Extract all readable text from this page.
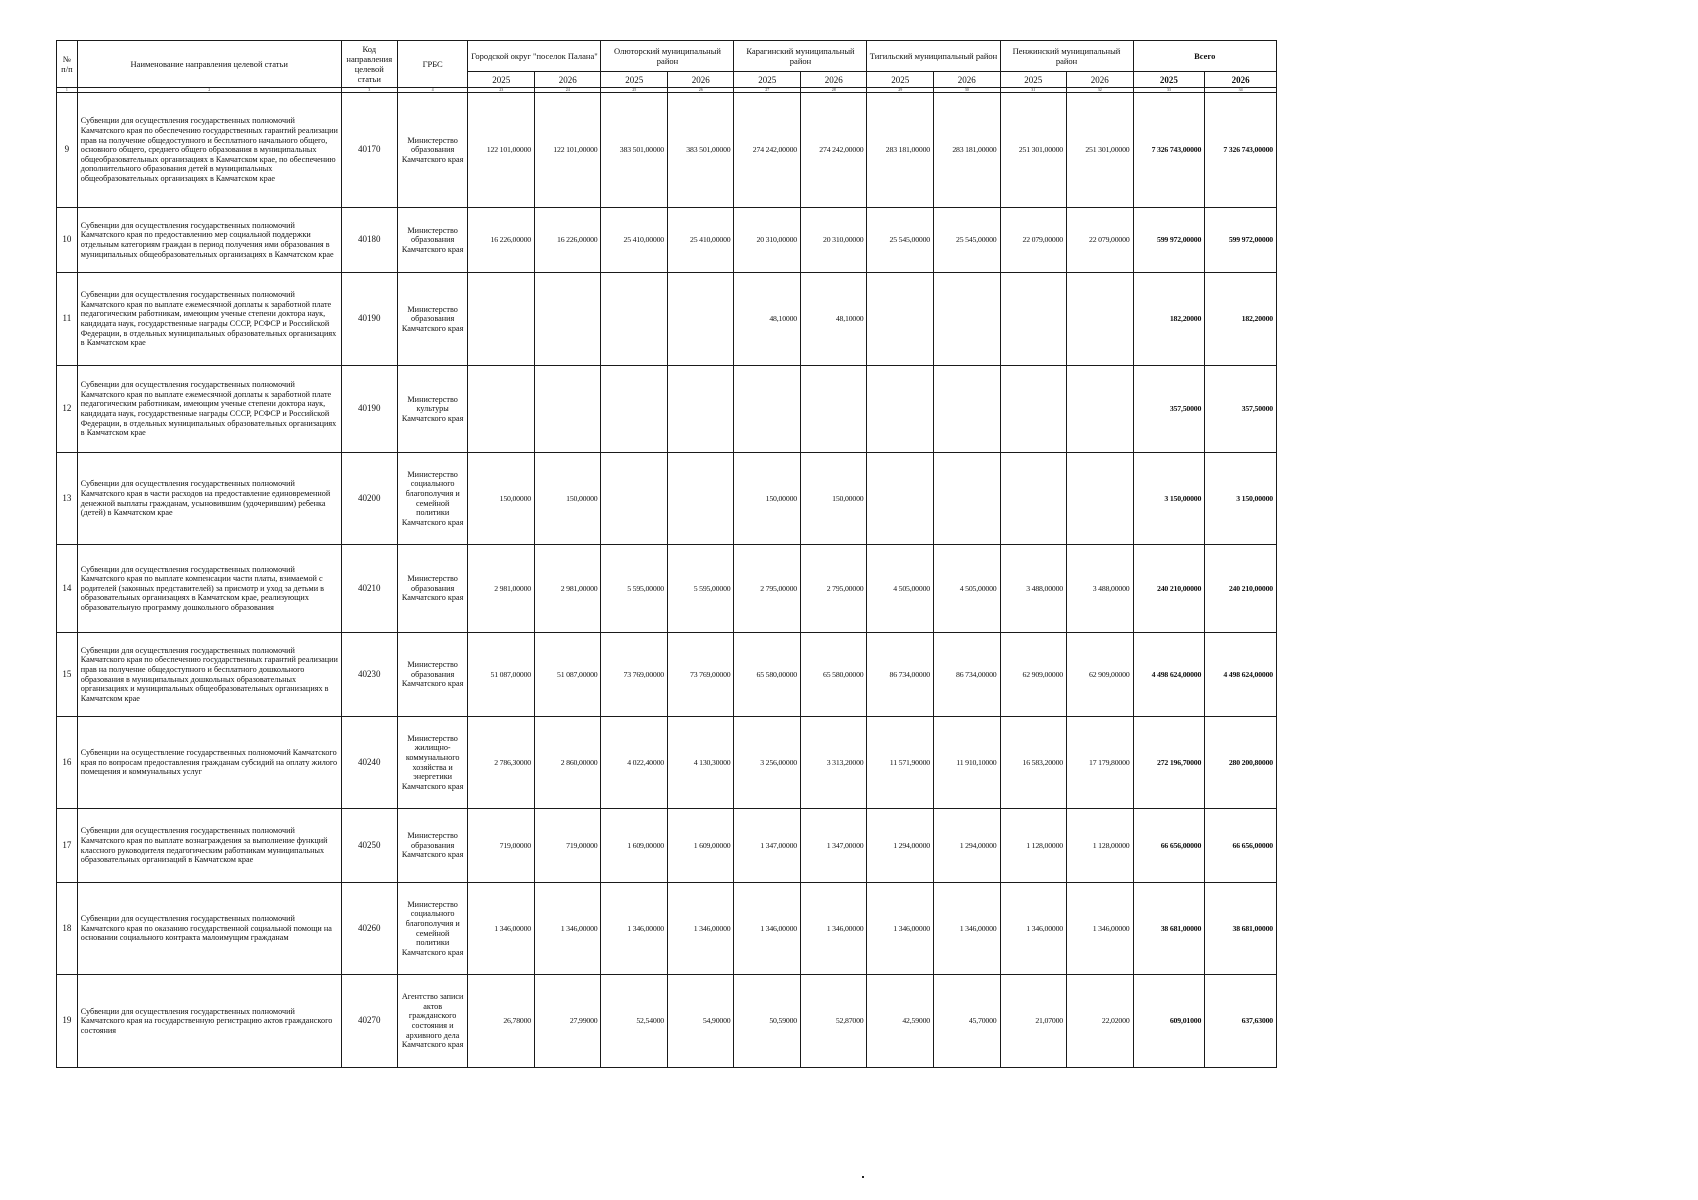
№ п/п	Наименование направления целевой статьи	Код направления целевой статьи	ГРБС	Городской округ "поселок Палана"		Олюторский муниципальный район		Карагинский муниципальный район		Тигильский муниципальный район		Пенжинский муниципальный район		Всего	
				2025	2026	2025	2026	2025	2026	2025	2026	2025	2026	2025	2026
1	2	3	4	23	24	25	26	27	28	29	30	31	32	33	34
9	Субвенции для осуществления государственных полномочий Камчатского края по обеспечению государственных гарантий реализации прав на получение общедоступного и бесплатного начального общего, основного общего, среднего общего образования в муниципальных общеобразовательных организациях в Камчатском крае, по обеспечению дополнительного образования детей в муниципальных общеобразовательных организациях в Камчатском крае	40170	Министерство образования Камчатского края	122 101,00000	122 101,00000	383 501,00000	383 501,00000	274 242,00000	274 242,00000	283 181,00000	283 181,00000	251 301,00000	251 301,00000	7 326 743,00000	7 326 743,00000
10	Субвенции для осуществления государственных полномочий Камчатского края по предоставлению мер социальной поддержки отдельным категориям граждан в период получения ими образования в муниципальных общеобразовательных организациях в Камчатском крае	40180	Министерство образования Камчатского края	16 226,00000	16 226,00000	25 410,00000	25 410,00000	20 310,00000	20 310,00000	25 545,00000	25 545,00000	22 079,00000	22 079,00000	599 972,00000	599 972,00000
11	Субвенции для осуществления государственных полномочий Камчатского края по выплате ежемесячной доплаты к заработной плате педагогическим работникам, имеющим ученые степени доктора наук, кандидата наук, государственные награды СССР, РСФСР и Российской Федерации, в отдельных муниципальных образовательных организациях в Камчатском крае	40190	Министерство образования Камчатского края					48,10000	48,10000					182,20000	182,20000
12	Субвенции для осуществления государственных полномочий Камчатского края по выплате ежемесячной доплаты к заработной плате педагогическим работникам, имеющим ученые степени доктора наук, кандидата наук, государственные награды СССР, РСФСР и Российской Федерации, в отдельных муниципальных образовательных организациях в Камчатском крае	40190	Министерство культуры Камчатского края											357,50000	357,50000
13	Субвенции для осуществления государственных полномочий Камчатского края в части расходов на предоставление единовременной денежной выплаты гражданам, усыновившим (удочерившим) ребенка (детей) в Камчатском крае	40200	Министерство социального благополучия и семейной политики Камчатского края	150,00000	150,00000			150,00000	150,00000					3 150,00000	3 150,00000
14	Субвенции для осуществления государственных полномочий Камчатского края по выплате компенсации части платы, взимаемой с родителей (законных представителей) за присмотр и уход за детьми в образовательных организациях в Камчатском крае, реализующих образовательную программу дошкольного образования	40210	Министерство образования Камчатского края	2 981,00000	2 981,00000	5 595,00000	5 595,00000	2 795,00000	2 795,00000	4 505,00000	4 505,00000	3 488,00000	3 488,00000	240 210,00000	240 210,00000
15	Субвенции для осуществления государственных полномочий Камчатского края по обеспечению государственных гарантий реализации прав на получение общедоступного и бесплатного дошкольного образования в муниципальных дошкольных образовательных организациях и муниципальных общеобразовательных организациях в Камчатском крае	40230	Министерство образования Камчатского края	51 087,00000	51 087,00000	73 769,00000	73 769,00000	65 580,00000	65 580,00000	86 734,00000	86 734,00000	62 909,00000	62 909,00000	4 498 624,00000	4 498 624,00000
16	Субвенции на осуществление государственных полномочий Камчатского края по вопросам предоставления гражданам субсидий на оплату жилого помещения и коммунальных услуг	40240	Министерство жилищно-коммунального хозяйства и энергетики Камчатского края	2 786,30000	2 860,00000	4 022,40000	4 130,30000	3 256,00000	3 313,20000	11 571,90000	11 910,10000	16 583,20000	17 179,80000	272 196,70000	280 200,80000
17	Субвенции для осуществления государственных полномочий Камчатского края по выплате вознаграждения за выполнение функций классного руководителя педагогическим работникам муниципальных образовательных организаций в Камчатском крае	40250	Министерство образования Камчатского края	719,00000	719,00000	1 609,00000	1 609,00000	1 347,00000	1 347,00000	1 294,00000	1 294,00000	1 128,00000	1 128,00000	66 656,00000	66 656,00000
18	Субвенции для осуществления государственных полномочий Камчатского края по оказанию государственной социальной помощи на основании социального контракта малоимущим гражданам	40260	Министерство социального благополучия и семейной политики Камчатского края	1 346,00000	1 346,00000	1 346,00000	1 346,00000	1 346,00000	1 346,00000	1 346,00000	1 346,00000	1 346,00000	1 346,00000	38 681,00000	38 681,00000
19	Субвенции для осуществления государственных полномочий Камчатского края на государственную регистрацию актов гражданского состояния	40270	Агентство записи актов гражданского состояния и архивного дела Камчатского края	26,78000	27,99000	52,54000	54,90000	50,59000	52,87000	42,59000	45,70000	21,07000	22,02000	609,01000	637,63000
